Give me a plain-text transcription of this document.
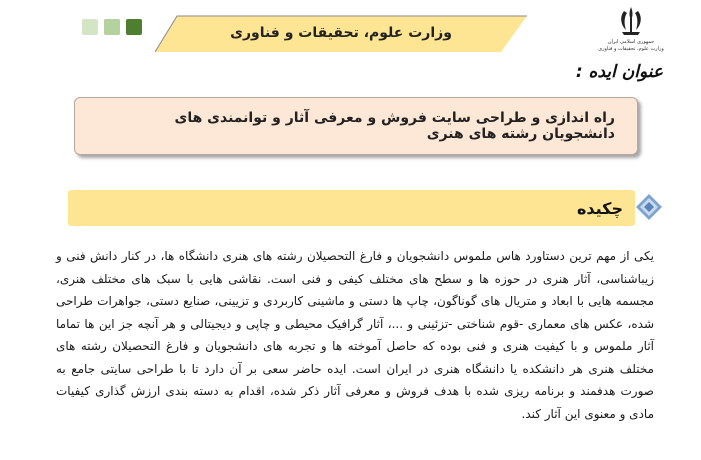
جمهوری اسلامی ایران
وزارت علوم، تحقیقات و فناوری
وزارت علوم، تحقیقات و فناوری
عنوان ایده :
راه اندازی و طراحی سایت فروش و معرفی آثار و توانمندی های دانشجویان رشته های هنری
چکیده

یکی از مهم ترین دستاورد هاس ملموس دانشجویان و فارغ التحصیلان رشته های هنری دانشگاه ها، در کنار دانش فنی و زیباشناسی، آثار هنری در حوزه ها و سطح های مختلف کیفی و فنی است. نقاشی هایی با سبک های مختلف هنری، مجسمه هایی با ابعاد و متریال های گوناگون، چاپ ها دستی و ماشینی کاربردی و تزیینی، صنایع دستی، جواهرات طراحی شده، عکس های معماری -قوم شناختی -تزئینی و ...، آثار گرافیک محیطی و چاپی و دیجیتالی و هر آنچه جز این ها تماما آثار ملموس و با کیفیت هنری و فنی بوده که حاصل آموخته ها و تجربه های دانشجویان و فارغ التحصیلان رشته های مختلف هنری هر دانشکده یا دانشگاه هنری در ایران است. ایده حاضر سعی بر آن دارد تا با طراحی سایتی جامع به صورت هدفمند و برنامه ریزی شده با هدف فروش و معرفی آثار ذکر شده، اقدام به دسته بندی ارزش گذاری کیفیات مادی و معنوی این آثار کند.
